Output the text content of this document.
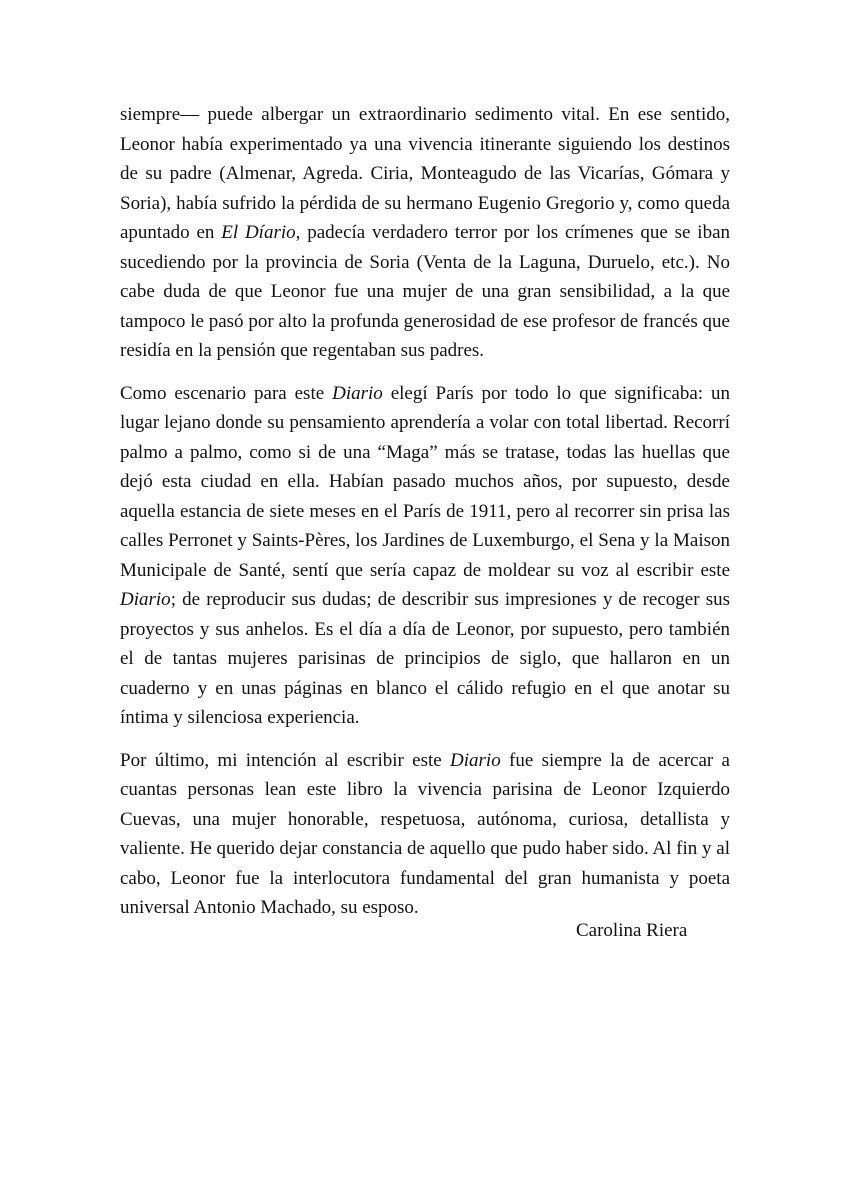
siempre— puede albergar un extraordinario sedimento vital. En ese sentido, Leonor había experimentado ya una vivencia itinerante siguiendo los destinos de su padre (Almenar, Agreda. Ciria, Monteagudo de las Vicarías, Gómara y Soria), había sufrido la pérdida de su hermano Eugenio Gregorio y, como queda apuntado en El Díario, padecía verdadero terror por los crímenes que se iban sucediendo por la provincia de Soria (Venta de la Laguna, Duruelo, etc.). No cabe duda de que Leonor fue una mujer de una gran sensibilidad, a la que tampoco le pasó por alto la profunda generosidad de ese profesor de francés que residía en la pensión que regentaban sus padres.

Como escenario para este Diario elegí París por todo lo que significaba: un lugar lejano donde su pensamiento aprendería a volar con total libertad. Recorrí palmo a palmo, como si de una “Maga” más se tratase, todas las huellas que dejó esta ciudad en ella. Habían pasado muchos años, por supuesto, desde aquella estancia de siete meses en el París de 1911, pero al recorrer sin prisa las calles Perronet y Saints-Pères, los Jardines de Luxemburgo, el Sena y la Maison Municipale de Santé, sentí que sería capaz de moldear su voz al escribir este Diario; de reproducir sus dudas; de describir sus impresiones y de recoger sus proyectos y sus anhelos. Es el día a día de Leonor, por supuesto, pero también el de tantas mujeres parisinas de principios de siglo, que hallaron en un cuaderno y en unas páginas en blanco el cálido refugio en el que anotar su íntima y silenciosa experiencia.

Por último, mi intención al escribir este Diario fue siempre la de acercar a cuantas personas lean este libro la vivencia parisina de Leonor Izquierdo Cuevas, una mujer honorable, respetuosa, autónoma, curiosa, detallista y valiente. He querido dejar constancia de aquello que pudo haber sido. Al fin y al cabo, Leonor fue la interlocutora fundamental del gran humanista y poeta universal Antonio Machado, su esposo.

Carolina Riera
